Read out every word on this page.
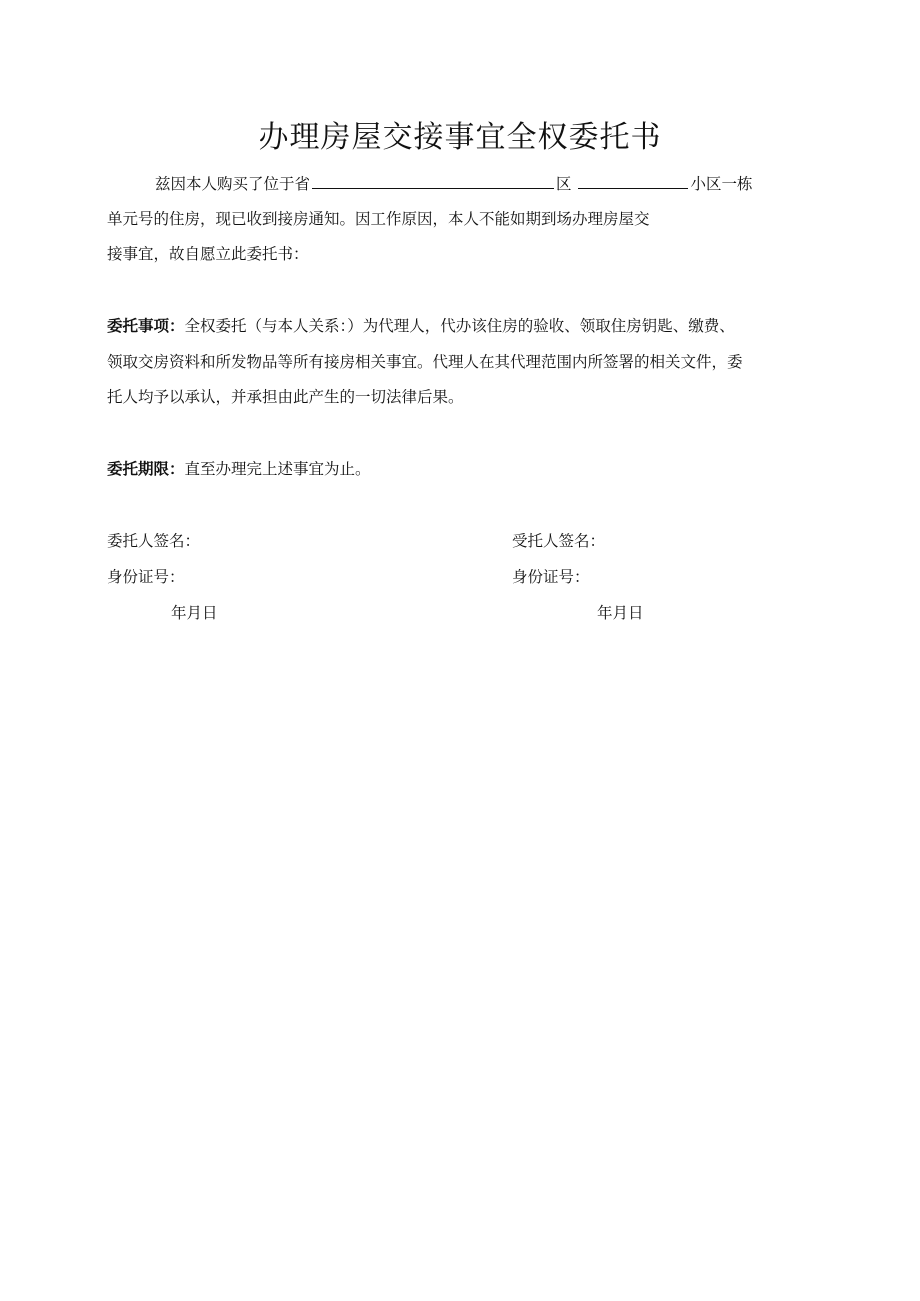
办理房屋交接事宜全权委托书
兹因本人购买了位于省	区	小区一栋
单元号的住房，现已收到接房通知。因工作原因，本人不能如期到场办理房屋交
接事宜，故自愿立此委托书：
委托事项：全权委托（与本人关系：）为代理人，代办该住房的验收、领取住房钥匙、缴费、
领取交房资料和所发物品等所有接房相关事宜。代理人在其代理范围内所签署的相关文件，委
托人均予以承认，并承担由此产生的一切法律后果。
委托期限：直至办理完上述事宜为止。
委托人签名：
身份证号：
年月日
受托人签名：
身份证号：
年月日
